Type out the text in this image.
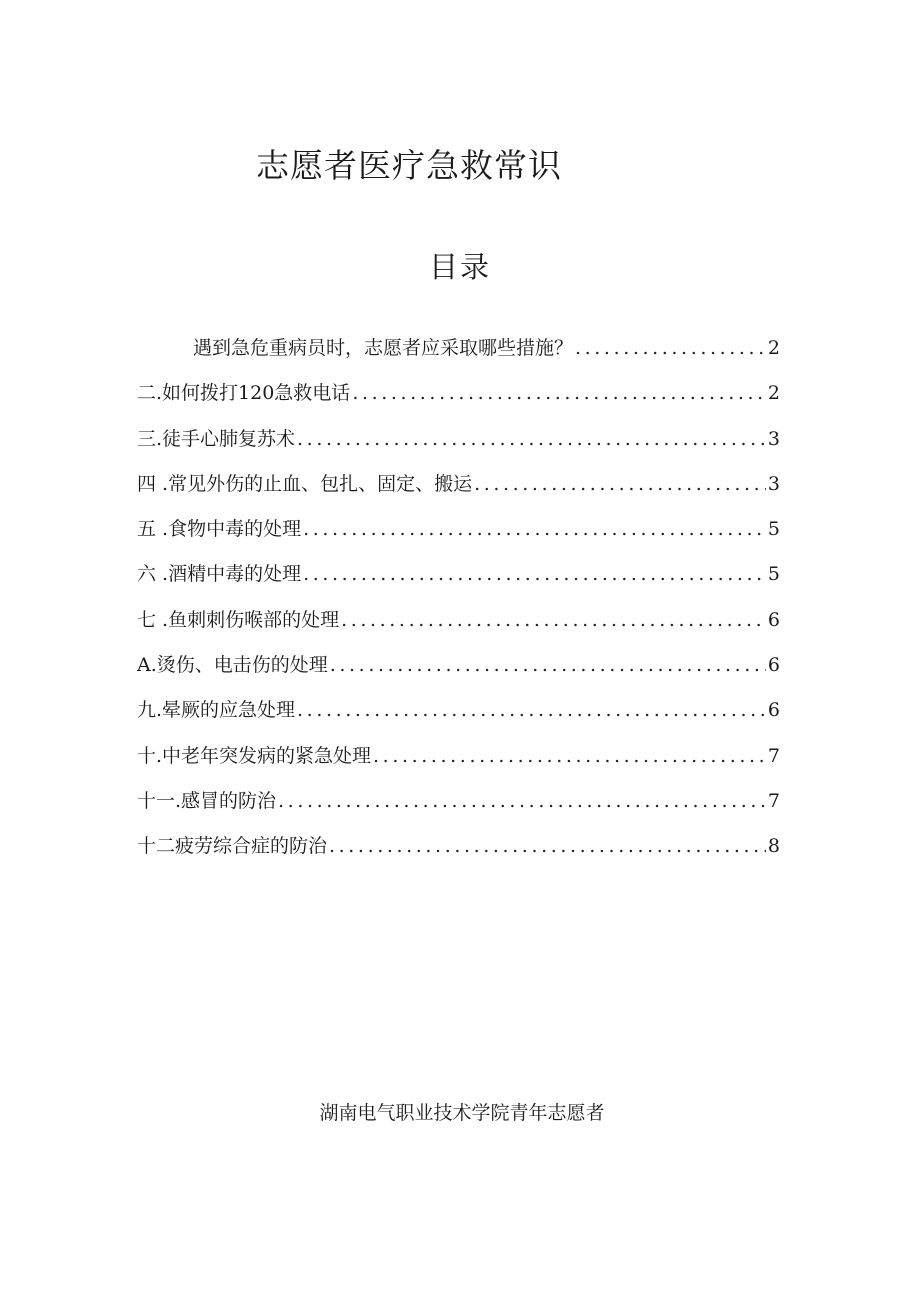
志愿者医疗急救常识
目录
遇到急危重病员时，志愿者应采取哪些措施？ .....	2
二.如何拨打120急救电话 .....	2
三.徒手心肺复苏术 .....	3
四 .常见外伤的止血、包扎、固定、搬运 .....	3
五 .食物中毒的处理 .....	5
六 .酒精中毒的处理 .....	5
七 .鱼刺刺伤喉部的处理 .....	6
A.烫伤、电击伤的处理 .....	6
九.晕厥的应急处理 .....	6
十.中老年突发病的紧急处理 .....	7
十一.感冒的防治 .....	7
十二疲劳综合症的防治 .....	8

湖南电气职业技术学院青年志愿者
